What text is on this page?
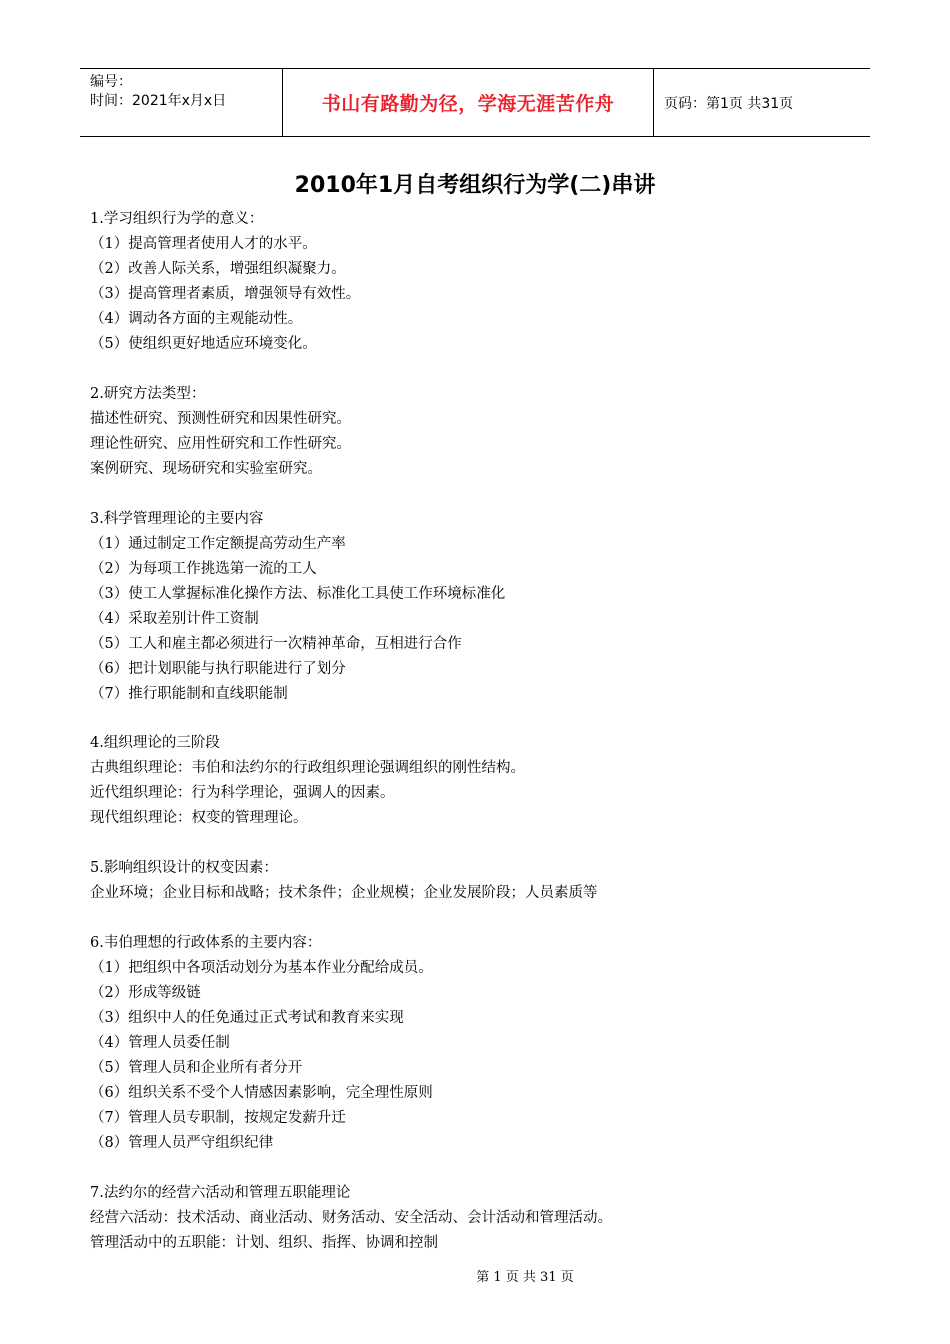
编号：
时间：2021年x月x日	书山有路勤为径，学海无涯苦作舟	页码：第1页 共31页
2010年1月自考组织行为学(二)串讲
1.学习组织行为学的意义：
（1）提高管理者使用人才的水平。
（2）改善人际关系，增强组织凝聚力。
（3）提高管理者素质，增强领导有效性。
（4）调动各方面的主观能动性。
（5）使组织更好地适应环境变化。
2.研究方法类型：
描述性研究、预测性研究和因果性研究。
理论性研究、应用性研究和工作性研究。
案例研究、现场研究和实验室研究。
3.科学管理理论的主要内容
（1）通过制定工作定额提高劳动生产率
（2）为每项工作挑选第一流的工人
（3）使工人掌握标准化操作方法、标准化工具使工作环境标准化
（4）采取差别计件工资制
（5）工人和雇主都必须进行一次精神革命，互相进行合作
（6）把计划职能与执行职能进行了划分
（7）推行职能制和直线职能制
4.组织理论的三阶段
古典组织理论：韦伯和法约尔的行政组织理论强调组织的刚性结构。
近代组织理论：行为科学理论，强调人的因素。
现代组织理论：权变的管理理论。
5.影响组织设计的权变因素：
企业环境；企业目标和战略；技术条件；企业规模；企业发展阶段；人员素质等
6.韦伯理想的行政体系的主要内容：
（1）把组织中各项活动划分为基本作业分配给成员。
（2）形成等级链
（3）组织中人的任免通过正式考试和教育来实现
（4）管理人员委任制
（5）管理人员和企业所有者分开
（6）组织关系不受个人情感因素影响，完全理性原则
（7）管理人员专职制，按规定发薪升迁
（8）管理人员严守组织纪律
7.法约尔的经营六活动和管理五职能理论
经营六活动：技术活动、商业活动、财务活动、安全活动、会计活动和管理活动。
管理活动中的五职能：计划、组织、指挥、协调和控制
第 1 页 共 31 页
